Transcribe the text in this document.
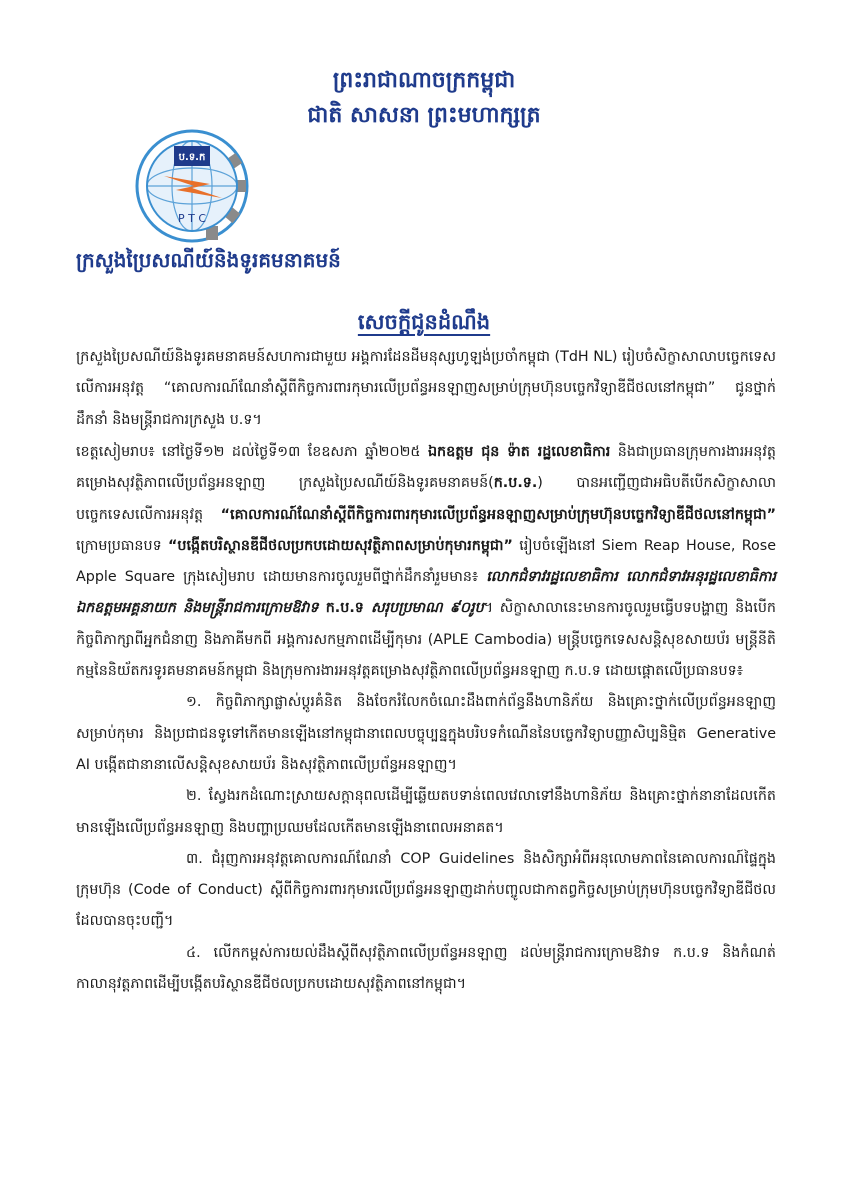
ព្រះរាជាណាចក្រកម្ពុជា
ជាតិ សាសនា ព្រះមហាក្សត្រ
ប.ទ.ក
P T C
ក្រសួងប្រៃសណីយ៍និងទូរគមនាគមន៍
សេចក្ដីជូនដំណឹង

ក្រសួងប្រៃសណីយ៍និងទូរគមនាគមន៍សហការជាមួយ អង្គការដែនដីមនុស្សហូឡង់ប្រចាំកម្ពុជា (TdH NL) រៀបចំសិក្ខាសាលាបច្ចេកទេសលើការអនុវត្ត “គោលការណ៍ណែនាំស្ដីពីកិច្ចការពារកុមារលើប្រព័ន្ធអនឡាញសម្រាប់ក្រុមហ៊ុនបច្ចេកវិទ្យាឌីជីថលនៅកម្ពុជា” ជូនថ្នាក់ដឹកនាំ និងមន្ត្រីរាជការក្រសួង ប.ទ។

ខេត្តសៀមរាប៖ នៅថ្ងៃទី១២ ដល់ថ្ងៃទី១៣ ខែឧសភា ឆ្នាំ២០២៥ ឯកឧត្តម ជុន ទ៉ាត រដ្ឋលេខាធិការ និងជាប្រធានក្រុមការងារអនុវត្តគម្រោងសុវត្ថិភាពលើប្រព័ន្ធអនឡាញ ក្រសួងប្រៃសណីយ៍និងទូរគមនាគមន៍(ក.ប.ទ.) បានអញ្ជើញជាអធិបតីបើកសិក្ខាសាលាបច្ចេកទេសលើការអនុវត្ត “គោលការណ៍ណែនាំស្ដីពីកិច្ចការពារកុមារលើប្រព័ន្ធអនឡាញសម្រាប់ក្រុមហ៊ុនបច្ចេកវិទ្យាឌីជីថលនៅកម្ពុជា” ក្រោមប្រធានបទ “បង្កើតបរិស្ថានឌីជីថលប្រកបដោយសុវត្ថិភាពសម្រាប់កុមារកម្ពុជា” រៀបចំឡើងនៅ Siem Reap House, Rose Apple Square ក្រុងសៀមរាប ដោយមានការចូលរួមពីថ្នាក់ដឹកនាំរួមមាន៖ លោកជំទាវរដ្ឋលេខាធិការ លោកជំទាវអនុរដ្ឋលេខាធិការ ឯកឧត្តមអគ្គនាយក និងមន្ត្រីរាជការក្រោមឱវាទ ក.ប.ទ សរុបប្រមាណ ៩០រូប។ សិក្ខាសាលានេះមានការចូលរួមធ្វើបទបង្ហាញ និងបើកកិច្ចពិភាក្សាពីអ្នកជំនាញ និងភាគីមកពី អង្គការសកម្មភាពដើម្បីកុមារ (APLE Cambodia) មន្ត្រីបច្ចេកទេសសន្តិសុខសាយប័រ មន្ត្រីនីតិកម្មនៃនិយ័តករទូរគមនាគមន៍កម្ពុជា និងក្រុមការងារអនុវត្តគម្រោងសុវត្ថិភាពលើប្រព័ន្ធអនឡាញ ក.ប.ទ ដោយផ្ដោតលើប្រធានបទ៖

១. កិច្ចពិភាក្សាផ្លាស់ប្ដូរគំនិត និងចែករំលែកចំណេះដឹងពាក់ព័ន្ធនឹងហានិភ័យ និងគ្រោះថ្នាក់លើប្រព័ន្ធអនឡាញសម្រាប់កុមារ និងប្រជាជនទូទៅកើតមានឡើងនៅកម្ពុជានាពេលបច្ចុប្បន្នក្នុងបរិបទកំណើននៃបច្ចេកវិទ្យាបញ្ញាសិប្បនិម្មិត Generative AI បង្កើតជានានាលើសន្តិសុខសាយប័រ និងសុវត្ថិភាពលើប្រព័ន្ធអនឡាញ។

២. ស្វែងរកដំណោះស្រាយសក្ដានុពលដើម្បីឆ្លើយតបទាន់ពេលវេលាទៅនឹងហានិភ័យ និងគ្រោះថ្នាក់នានាដែលកើតមានឡើងលើប្រព័ន្ធអនឡាញ និងបញ្ហាប្រឈមដែលកើតមានឡើងនាពេលអនាគត។

៣. ជំរុញការអនុវត្តគោលការណ៍ណែនាំ COP Guidelines និងសិក្សាអំពីអនុលោមភាពនៃគោលការណ៍ផ្ទៃក្នុងក្រុមហ៊ុន (Code of Conduct) ស្ដីពីកិច្ចការពារកុមារលើប្រព័ន្ធអនឡាញដាក់បញ្ចូលជាកាតព្វកិច្ចសម្រាប់ក្រុមហ៊ុនបច្ចេកវិទ្យាឌីជីថល ដែលបានចុះបញ្ជី។

៤. លើកកម្ពស់ការយល់ដឹងស្ដីពីសុវត្ថិភាពលើប្រព័ន្ធអនឡាញ ដល់មន្ត្រីរាជការក្រោមឱវាទ ក.ប.ទ និងកំណត់កាលានុវត្តភាពដើម្បីបង្កើតបរិស្ថានឌីជីថលប្រកបដោយសុវត្ថិភាពនៅកម្ពុជា។
